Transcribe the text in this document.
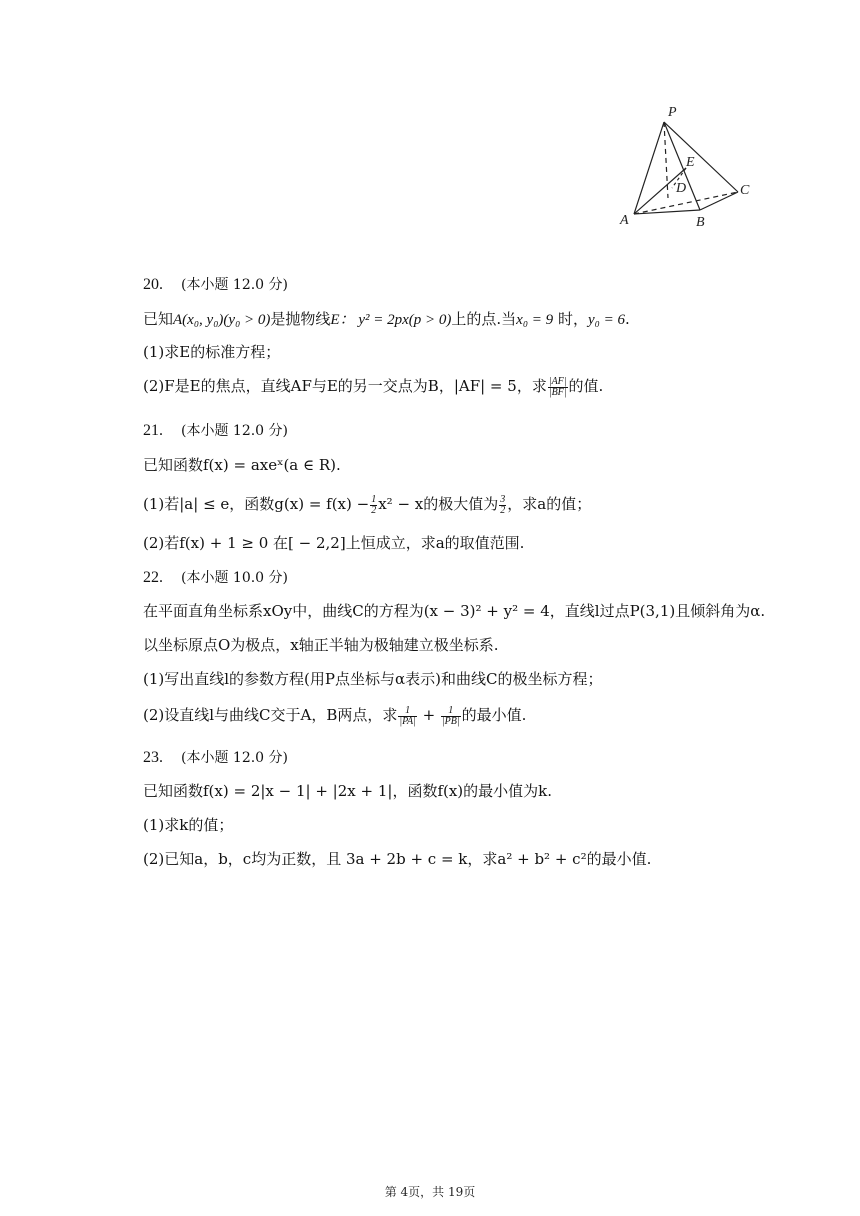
P
E
D	C
A	B
20. (本小题 12.0 分)
已知A(x₀, y₀)(y₀ > 0)是抛物线E： y² = 2px(p > 0)上的点.当x₀ = 9 时，y₀ = 6.
(1)求E的标准方程；
(2)F是E的焦点，直线AF与E的另一交点为B，|AF| = 5，求 $\frac{|AF|}{|BF|}$ 的值.
21. (本小题 12.0 分)
已知函数f(x) = axeˣ(a ∈ R).
(1)若|a| ≤ e，函数$g(x) = f(x) - \frac{1}{2} x^2 - x$的极大值为 $\frac{3}{2}$ ，求a的值；
(2)若f(x) + 1 ≥ 0 在[ − 2,2]上恒成立，求a的取值范围.
22. (本小题 10.0 分)
在平面直角坐标系xOy中，曲线C的方程为(x − 3)² + y² = 4，直线l过点P(3,1)且倾斜角为α.
以坐标原点O为极点，x轴正半轴为极轴建立极坐标系.
(1)写出直线l的参数方程(用P点坐标与α表示)和曲线C的极坐标方程；
(2)设直线l与曲线C交于A，B两点，求 $\frac{1}{|PA|} + \frac{1}{|PB|}$ 的最小值.
23. (本小题 12.0 分)
已知函数f(x) = 2|x − 1| + |2x + 1|，函数f(x)的最小值为k.
(1)求k的值；
(2)已知a，b，c均为正数，且 3a + 2b + c = k，求a² + b² + c²的最小值.
第 4页，共 19页
